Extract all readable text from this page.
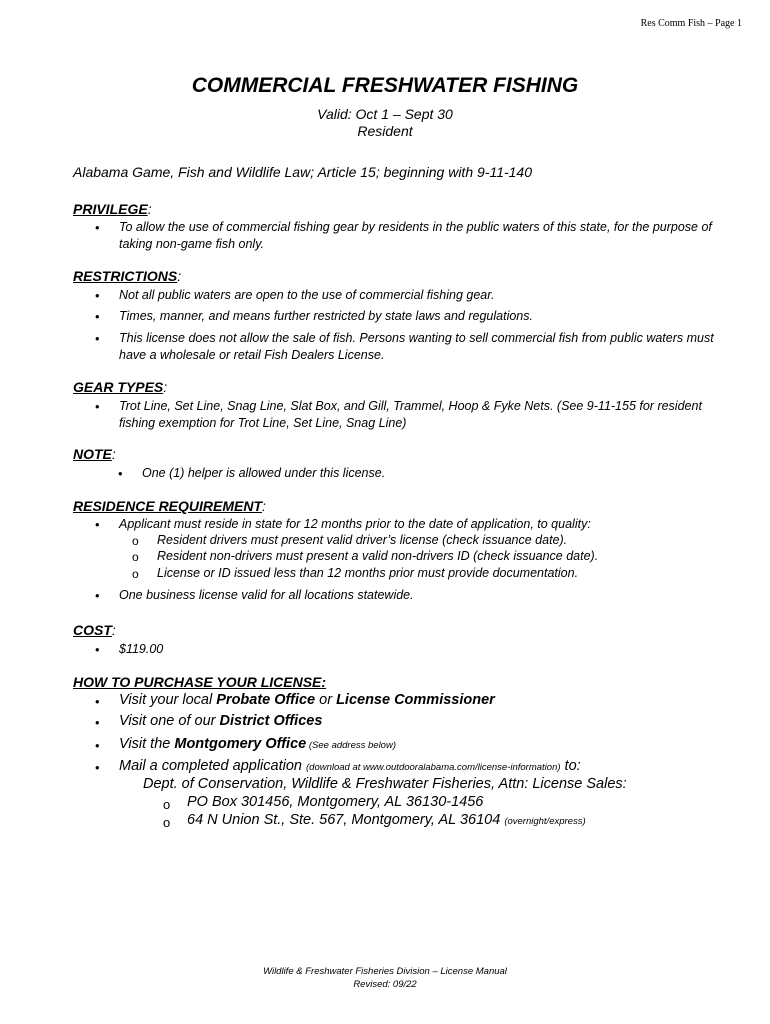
Res Comm Fish – Page 1
COMMERCIAL FRESHWATER FISHING
Valid: Oct 1 – Sept 30
Resident
Alabama Game, Fish and Wildlife Law; Article 15; beginning with 9-11-140
PRIVILEGE:
• To allow the use of commercial fishing gear by residents in the public waters of this state, for the purpose of taking non-game fish only.
RESTRICTIONS:
• Not all public waters are open to the use of commercial fishing gear.
• Times, manner, and means further restricted by state laws and regulations.
• This license does not allow the sale of fish. Persons wanting to sell commercial fish from public waters must have a wholesale or retail Fish Dealers License.
GEAR TYPES:
• Trot Line, Set Line, Snag Line, Slat Box, and Gill, Trammel, Hoop & Fyke Nets. (See 9-11-155 for resident fishing exemption for Trot Line, Set Line, Snag Line)
NOTE:
• One (1) helper is allowed under this license.
RESIDENCE REQUIREMENT:
• Applicant must reside in state for 12 months prior to the date of application, to quality:
o Resident drivers must present valid driver’s license (check issuance date).
o Resident non-drivers must present a valid non-drivers ID (check issuance date).
o License or ID issued less than 12 months prior must provide documentation.
• One business license valid for all locations statewide.
COST:
• $119.00
HOW TO PURCHASE YOUR LICENSE:
• Visit your local Probate Office or License Commissioner
• Visit one of our District Offices
• Visit the Montgomery Office (See address below)
• Mail a completed application (download at www.outdooralabama.com/license-information) to:
Dept. of Conservation, Wildlife & Freshwater Fisheries, Attn: License Sales:
o PO Box 301456, Montgomery, AL 36130-1456
o 64 N Union St., Ste. 567, Montgomery, AL 36104 (overnight/express)
Wildlife & Freshwater Fisheries Division – License Manual
Revised: 09/22
